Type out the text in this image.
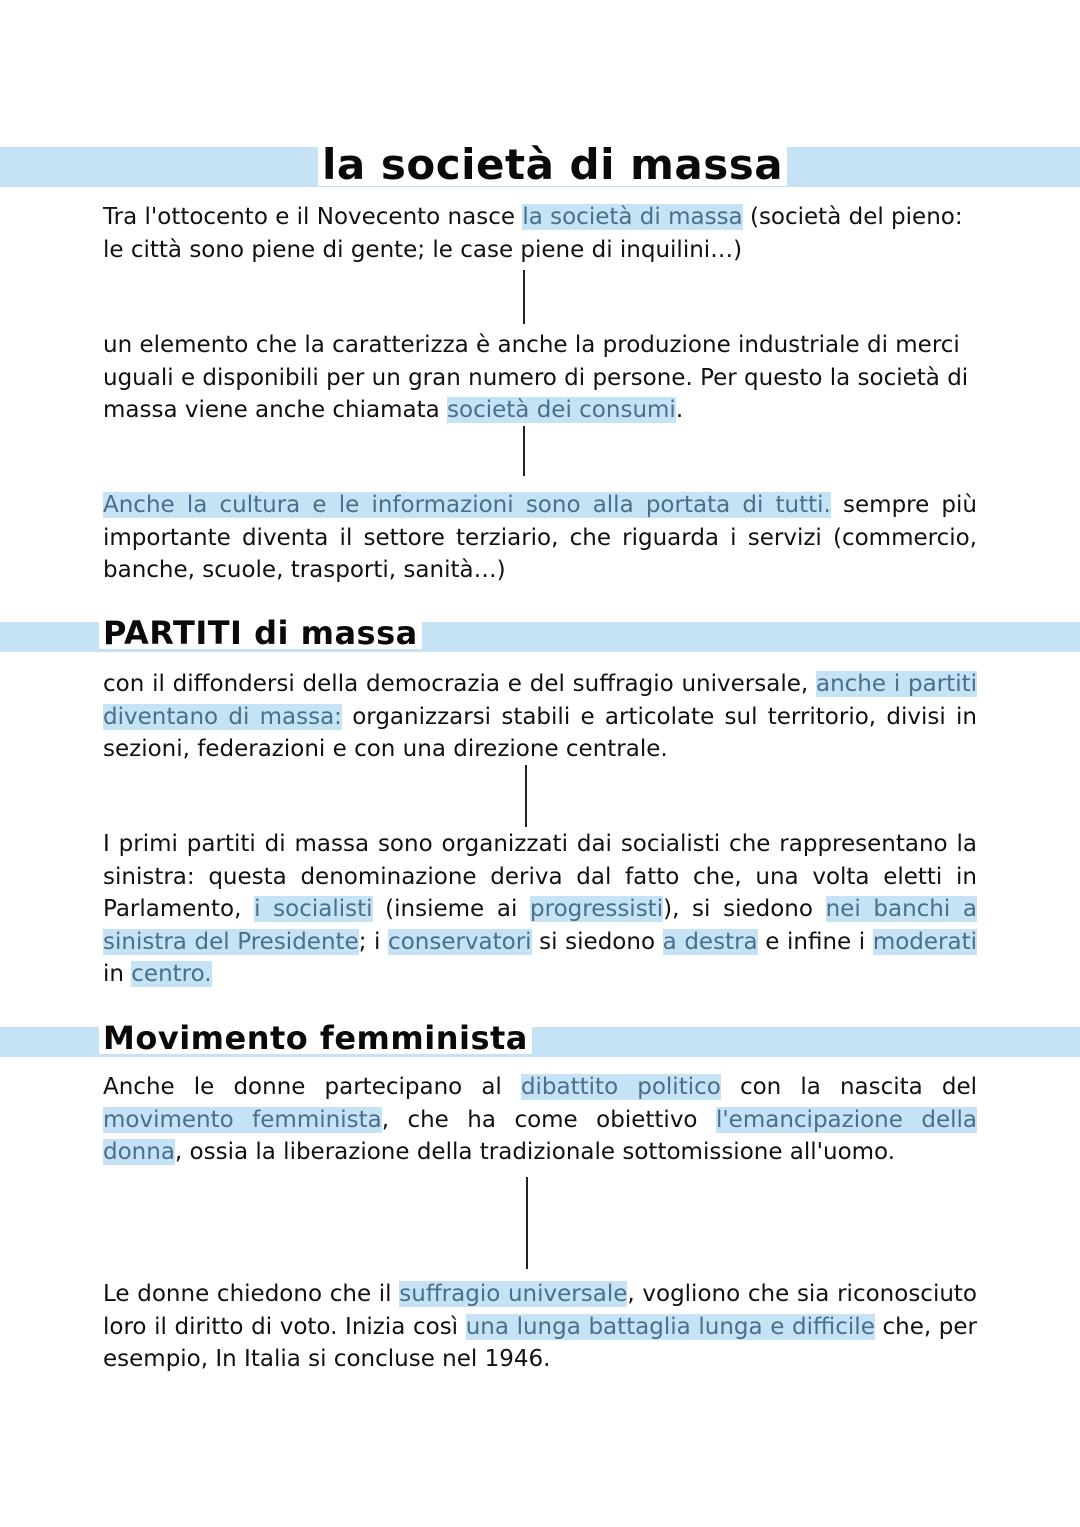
la società di massa
Tra l'ottocento e il Novecento nasce la società di massa (società del pieno: le città sono piene di gente; le case piene di inquilini…)
un elemento che la caratterizza è anche la produzione industriale di merci uguali e disponibili per un gran numero di persone. Per questo la società di massa viene anche chiamata società dei consumi.
Anche la cultura e le informazioni sono alla portata di tutti. sempre più importante diventa il settore terziario, che riguarda i servizi (commercio, banche, scuole, trasporti, sanità…)
PARTITI di massa
con il diffondersi della democrazia e del suffragio universale, anche i partiti diventano di massa: organizzarsi stabili e articolate sul territorio, divisi in sezioni, federazioni e con una direzione centrale.
I primi partiti di massa sono organizzati dai socialisti che rappresentano la sinistra: questa denominazione deriva dal fatto che, una volta eletti in Parlamento, i socialisti (insieme ai progressisti), si siedono nei banchi a sinistra del Presidente; i conservatori si siedono a destra e infine i moderati in centro.
Movimento femminista
Anche le donne partecipano al dibattito politico con la nascita del movimento femminista, che ha come obiettivo l'emancipazione della donna, ossia la liberazione della tradizionale sottomissione all'uomo.
Le donne chiedono che il suffragio universale, vogliono che sia riconosciuto loro il diritto di voto. Inizia così una lunga battaglia lunga e difficile che, per esempio, In Italia si concluse nel 1946.
